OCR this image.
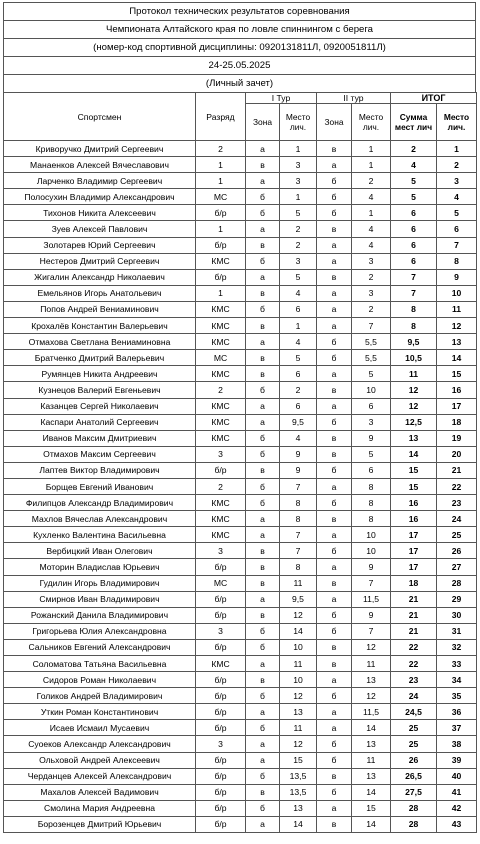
Протокол технических результатов соревнования
Чемпионата Алтайского края по ловле спиннингом с берега
(номер-код спортивной дисциплины: 0920131811Л, 0920051811Л)
24-25.05.2025
(Личный зачет)
Спортсмен	Разряд	I Тур		II тур		ИТОГ	
		Зона	Место лич.	Зона	Место лич.	Сумма мест лич	Место лич.
Криворучко Дмитрий Сергеевич	2	а	1	в	1	2	1
Манаенков Алексей Вячеславович	1	в	3	а	1	4	2
Ларченко Владимир Сергеевич	1	а	3	б	2	5	3
Полосухин Владимир Александрович	МС	б	1	б	4	5	4
Тихонов Никита Алексеевич	б/р	б	5	б	1	6	5
Зуев Алексей Павлович	1	а	2	в	4	6	6
Золотарев Юрий Сергеевич	б/р	в	2	а	4	6	7
Нестеров Дмитрий Сергеевич	КМС	б	3	а	3	6	8
Жигалин Александр Николаевич	б/р	а	5	в	2	7	9
Емельянов Игорь Анатольевич	1	в	4	а	3	7	10
Попов Андрей Вениаминович	КМС	б	6	а	2	8	11
Крохалёв Константин Валерьевич	КМС	в	1	а	7	8	12
Отмахова Светлана Вениаминовна	КМС	а	4	б	5,5	9,5	13
Братченко Дмитрий Валерьевич	МС	в	5	б	5,5	10,5	14
Румянцев Никита Андреевич	КМС	в	6	а	5	11	15
Кузнецов Валерий Евгеньевич	2	б	2	в	10	12	16
Казанцев Сергей Николаевич	КМС	а	6	а	6	12	17
Каспари Анатолий Сергеевич	КМС	а	9,5	б	3	12,5	18
Иванов Максим Дмитриевич	КМС	б	4	в	9	13	19
Отмахов Максим Сергеевич	3	б	9	в	5	14	20
Лаптев Виктор Владимирович	б/р	в	9	б	6	15	21
Борщев Евгений Иванович	2	б	7	а	8	15	22
Филипцов Александр Владимирович	КМС	б	8	б	8	16	23
Махлов Вячеслав Александрович	КМС	а	8	в	8	16	24
Кухленко Валентина Васильевна	КМС	а	7	а	10	17	25
Вербицкий Иван Олегович	3	в	7	б	10	17	26
Моторин Владислав Юрьевич	б/р	в	8	а	9	17	27
Гудилин Игорь Владимирович	МС	в	11	в	7	18	28
Смирнов Иван Владимирович	б/р	а	9,5	а	11,5	21	29
Рожанский Данила Владимирович	б/р	в	12	б	9	21	30
Григорьева Юлия Александровна	3	б	14	б	7	21	31
Сальников Евгений Александрович	б/р	б	10	в	12	22	32
Соломатова Татьяна Васильевна	КМС	а	11	в	11	22	33
Сидоров Роман Николаевич	б/р	в	10	а	13	23	34
Голиков Андрей Владимирович	б/р	б	12	б	12	24	35
Уткин Роман Константинович	б/р	а	13	а	11,5	24,5	36
Исаев Исмаил Мусаевич	б/р	б	11	а	14	25	37
Суоеков Александр Александрович	3	а	12	б	13	25	38
Ольховой Андрей Алексеевич	б/р	а	15	б	11	26	39
Черданцев Алексей Александрович	б/р	б	13,5	в	13	26,5	40
Махалов Алексей Вадимович	б/р	в	13,5	б	14	27,5	41
Смолина Мария Андреевна	б/р	б	13	а	15	28	42
Борозенцев Дмитрий Юрьевич	б/р	а	14	в	14	28	43
